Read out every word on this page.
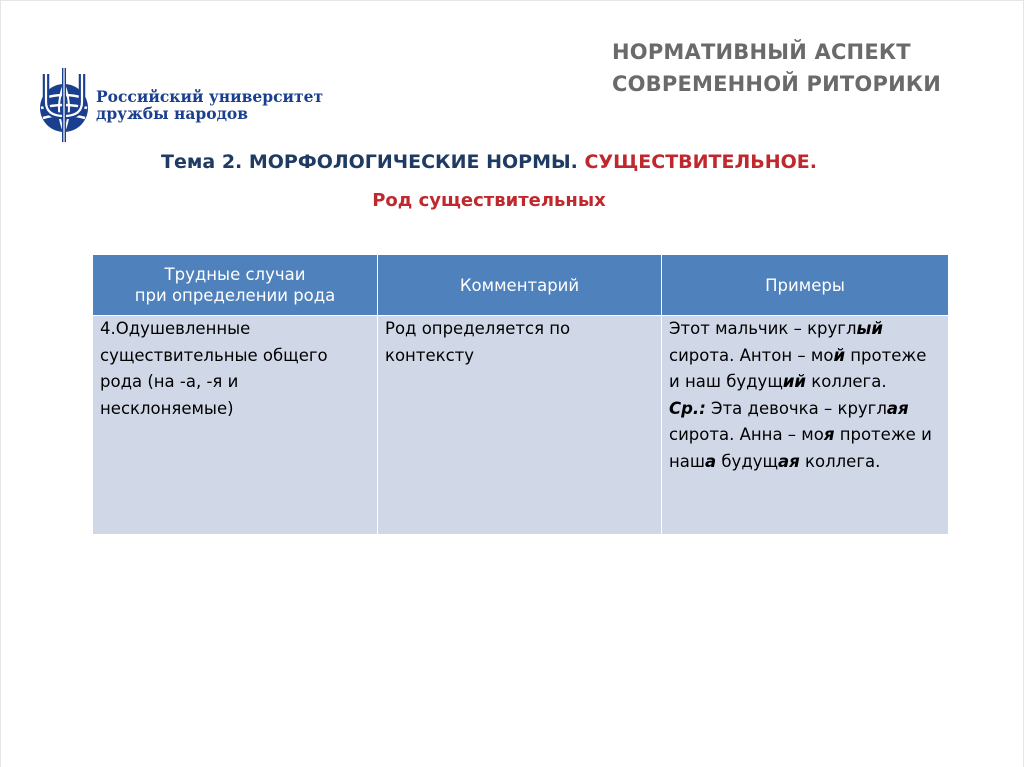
НОРМАТИВНЫЙ АСПЕКТ
СОВРЕМЕННОЙ РИТОРИКИ
Российский университет
дружбы народов
Тема 2. МОРФОЛОГИЧЕСКИЕ НОРМЫ. СУЩЕСТВИТЕЛЬНОЕ.
Род существительных
Трудные случаи
при определении рода	Комментарий	Примеры
4.Одушевленные существительные общего рода (на -а, -я и несклоняемые)	Род определяется по контексту	Этот мальчик – круглый сирота. Антон – мой протеже и наш будущий коллега.
Ср.: Эта девочка – круглая сирота. Анна – моя протеже и наша будущая коллега.
